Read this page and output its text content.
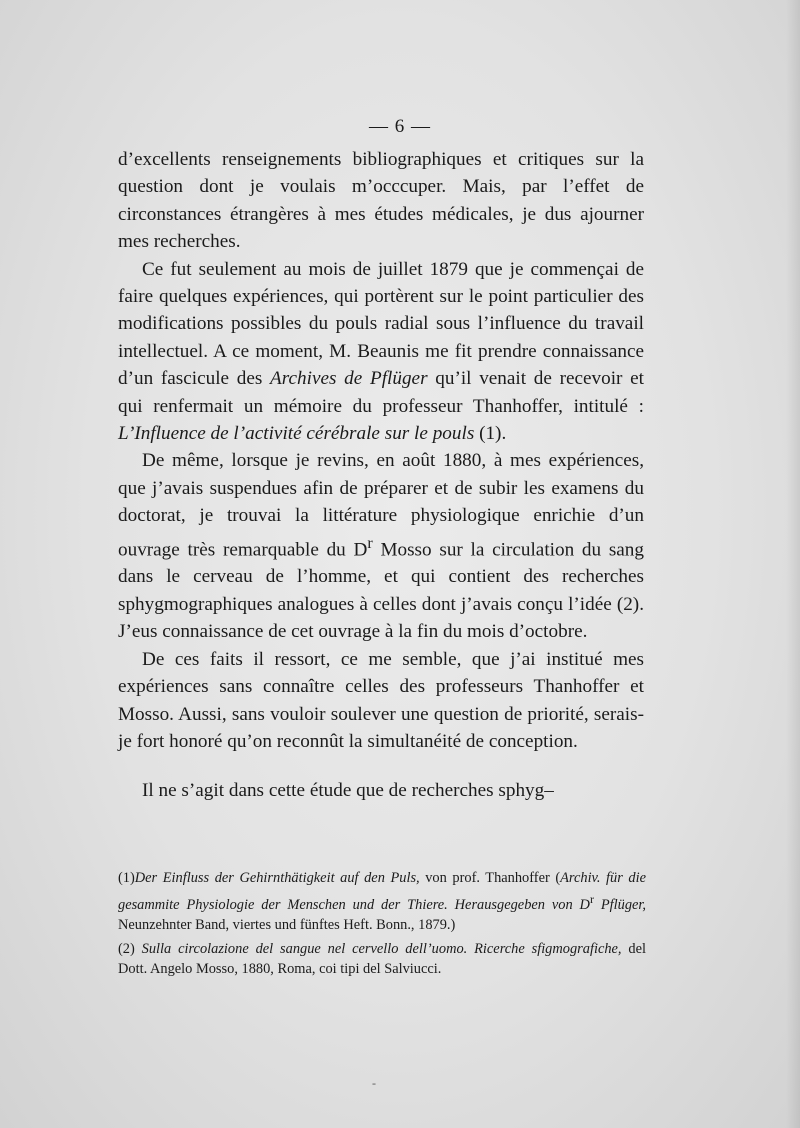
— 6 —

d’excellents renseignements bibliographiques et critiques sur la question dont je voulais m’occcuper. Mais, par l’effet de circonstances étrangères à mes études médicales, je dus ajourner mes recherches.

Ce fut seulement au mois de juillet 1879 que je commençai de faire quelques expériences, qui portèrent sur le point particulier des modifications possibles du pouls radial sous l’influence du travail intellectuel. A ce moment, M. Beaunis me fit prendre connaissance d’un fascicule des Archives de Pflüger qu’il venait de recevoir et qui renfermait un mémoire du professeur Thanhoffer, intitulé : L’Influence de l’activité cérébrale sur le pouls (1).

De même, lorsque je revins, en août 1880, à mes expériences, que j’avais suspendues afin de préparer et de subir les examens du doctorat, je trouvai la littérature physiologique enrichie d’un ouvrage très remarquable du $D^r$ Mosso sur la circulation du sang dans le cerveau de l’homme, et qui contient des recherches sphygmographiques analogues à celles dont j’avais conçu l’idée (2). J’eus connaissance de cet ouvrage à la fin du mois d’octobre.

De ces faits il ressort, ce me semble, que j’ai institué mes expériences sans connaître celles des professeurs Thanhoffer et Mosso. Aussi, sans vouloir soulever une question de priorité, serais-je fort honoré qu’on reconnût la simultanéité de conception.

Il ne s’agit dans cette étude que de recherches sphyg–

(1)Der Einfluss der Gehirnthätigkeit auf den Puls, von prof. Thanhoffer (Archiv. für die gesammite Physiologie der Menschen und der Thiere. Herausgegeben von $D^r$ Pflüger, Neunzehnter Band, viertes und fünftes Heft. Bonn., 1879.)

(2) Sulla circolazione del sangue nel cervello dell’uomo. Ricerche sfigmografiche, del Dott. Angelo Mosso, 1880, Roma, coi tipi del Salviucci.

-
